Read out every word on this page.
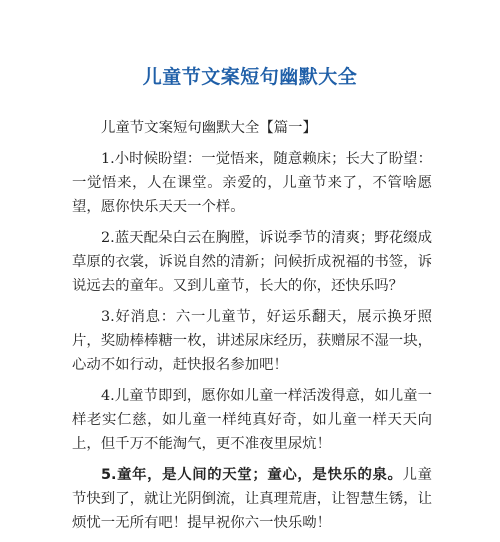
儿童节文案短句幽默大全

儿童节文案短句幽默大全【篇一】

1.小时候盼望：一觉悟来，随意赖床；长大了盼望：一觉悟来，人在课堂。亲爱的，儿童节来了，不管啥愿望，愿你快乐天天一个样。

2.蓝天配朵白云在胸膛，诉说季节的清爽；野花缀成草原的衣裳，诉说自然的清新；问候折成祝福的书签，诉说远去的童年。又到儿童节，长大的你，还快乐吗？

3.好消息：六一儿童节，好运乐翻天，展示换牙照片，奖励棒棒糖一枚，讲述尿床经历，获赠尿不湿一块，心动不如行动，赶快报名参加吧！

4.儿童节即到，愿你如儿童一样活泼得意，如儿童一样老实仁慈，如儿童一样纯真好奇，如儿童一样天天向上，但千万不能淘气，更不准夜里尿炕！

5.童年，是人间的天堂；童心，是快乐的泉。儿童节快到了，就让光阴倒流，让真理荒唐，让智慧生锈，让烦忧一无所有吧！提早祝你六一快乐呦！
